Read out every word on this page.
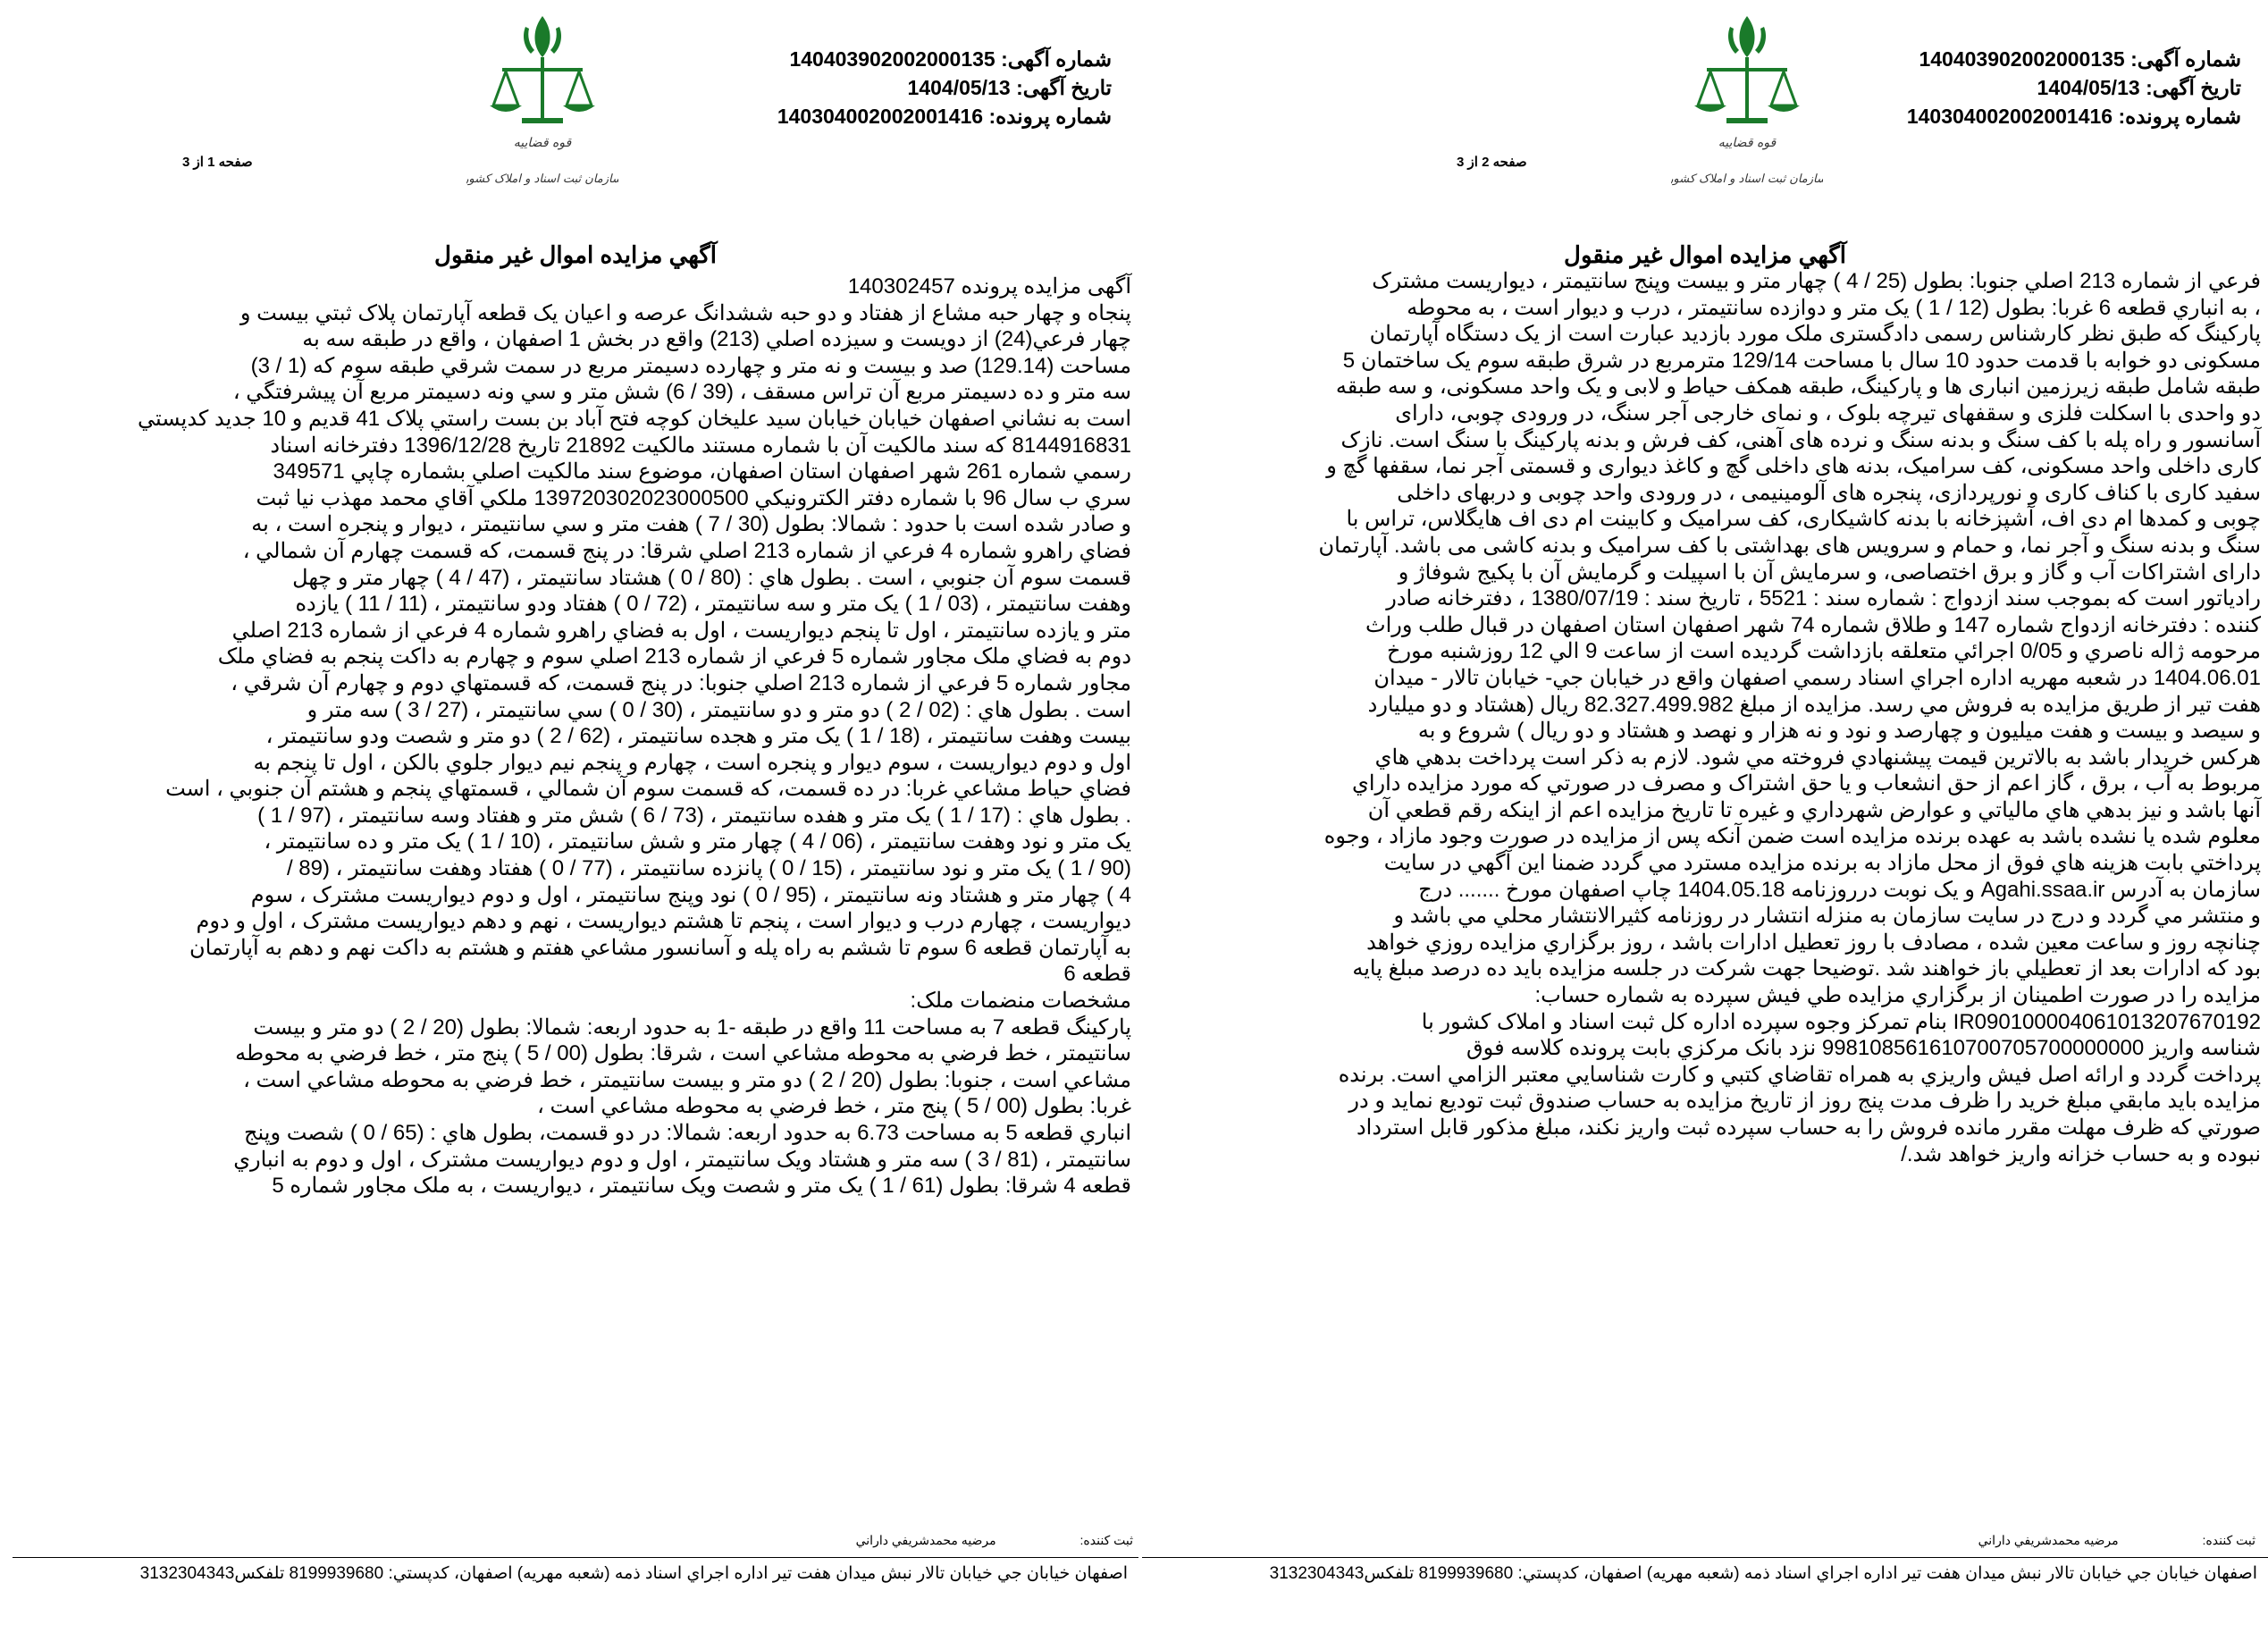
شماره آگهی: 140403902002000135
تاریخ آگهی: 1404/05/13
شماره پرونده: 140304002002001416
قوه قضاییه
سازمان ثبت اسناد و املاک کشور
صفحه 2 از 3
آگهي مزايده اموال غير منقول

فرعي از شماره 213 اصلي جنوبا: بطول (25 / 4 ) چهار متر و بيست وپنج سانتيمتر ، ديواريست مشترک

، به انباري قطعه 6 غربا: بطول (12 / 1 ) يک متر و دوازده سانتيمتر ، درب و ديوار است ، به محوطه

پارکينگ که طبق نظر کارشناس رسمی دادگستری ملک مورد بازدید عبارت است از یک دستگاه آپارتمان

مسکونی دو خوابه با قدمت حدود 10 سال با مساحت 129/14 مترمربع در شرق طبقه سوم یک ساختمان 5

طبقه شامل طبقه زیرزمین انباری ها و پارکینگ، طبقه همکف حیاط و لابی و یک واحد مسکونی، و سه طبقه

دو واحدی با اسکلت فلزی و سقفهای تیرچه بلوک ، و نمای خارجی آجر سنگ، در ورودی چوبی، دارای

آسانسور و راه پله با کف سنگ و بدنه سنگ و نرده های آهنی، کف فرش و بدنه پارکینگ با سنگ است. نازک

کاری داخلی واحد مسکونی، کف سرامیک، بدنه های داخلی گچ و کاغذ دیواری و قسمتی آجر نما، سقفها گچ و

سفید کاری با کناف کاری و نورپردازی، پنجره های آلومینیمی ، در ورودی واحد چوبی و دربهای داخلی

چوبی و کمدها ام دی اف، آشپزخانه با بدنه کاشیکاری، کف سرامیک و کابینت ام دی اف هایگلاس، تراس با

سنگ و بدنه سنگ و آجر نما، و حمام و سرویس های بهداشتی با کف سرامیک و بدنه کاشی می باشد. آپارتمان

دارای اشتراکات آب و گاز و برق اختصاصی، و سرمایش آن با اسپیلت و گرمایش آن با پکیج شوفاژ و

رادیاتور است که بموجب سند ازدواج : شماره سند : 5521 ، تاریخ سند : 1380/07/19 ، دفترخانه صادر

کننده : دفترخانه ازدواج شماره 147 و طلاق شماره 74 شهر اصفهان استان اصفهان در قبال طلب وراث

مرحومه ژاله ناصري و 0/05 اجرائي متعلقه بازداشت گرديده است از ساعت 9 الي 12 روزشنبه مورخ

1404.06.01 در شعبه مهريه اداره اجراي اسناد رسمي اصفهان واقع در خيابان جي- خيابان تالار - ميدان

هفت تير از طريق مزايده به فروش مي رسد. مزايده از مبلغ 82.327.499.982 ريال (هشتاد و دو ميليارد

و سيصد و بيست و هفت ميليون و چهارصد و نود و نه هزار و نهصد و هشتاد و دو ريال ) شروع و به

هرکس خريدار باشد به بالاترين قيمت پيشنهادي فروخته مي شود. لازم به ذکر است پرداخت بدهي هاي

مربوط به آب ، برق ، گاز اعم از حق انشعاب و يا حق اشتراک و مصرف در صورتي که مورد مزايده داراي

آنها باشد و نيز بدهي هاي مالياتي و عوارض شهرداري و غيره تا تاريخ مزايده اعم از اينکه رقم قطعي آن

معلوم شده يا نشده باشد به عهده برنده مزايده است ضمن آنکه پس از مزايده در صورت وجود مازاد ، وجوه

پرداختي بابت هزينه هاي فوق از محل مازاد به برنده مزايده مسترد مي گردد ضمنا اين آگهي در سايت

سازمان به آدرس Agahi.ssaa.ir و يک نوبت درروزنامه 1404.05.18 چاپ اصفهان مورخ ....... درج

و منتشر مي گردد و درج در سايت سازمان به منزله انتشار در روزنامه کثيرالانتشار محلي مي باشد و

چنانچه روز و ساعت معين شده ، مصادف با روز تعطيل ادارات باشد ، روز برگزاري مزايده روزي خواهد

بود که ادارات بعد از تعطيلي باز خواهند شد .توضيحا جهت شرکت در جلسه مزايده بايد ده درصد مبلغ پايه

مزايده را در صورت اطمينان از برگزاري مزايده طي فيش سپرده به شماره حساب:

IR090100004061013207670192 بنام تمرکز وجوه سپرده اداره کل ثبت اسناد و املاک کشور با

شناسه واريز 998108561610700705700000000 نزد بانک مرکزي بابت پرونده کلاسه فوق

پرداخت گردد و ارائه اصل فيش واريزي به همراه تقاضاي کتبي و کارت شناسايي معتبر الزامي است. برنده

مزايده بايد مابقي مبلغ خريد را ظرف مدت پنج روز از تاريخ مزايده به حساب صندوق ثبت توديع نمايد و در

صورتي که ظرف مهلت مقرر مانده فروش را به حساب سپرده ثبت واريز نکند، مبلغ مذکور قابل استرداد

نبوده و به حساب خزانه واريز خواهد شد./

ثبت کننده: مرضيه محمدشريفي داراني
اصفهان خيابان جي خيابان تالار نبش ميدان هفت تير اداره اجراي اسناد ذمه (شعبه مهريه) اصفهان، کدپستي: 8199939680 تلفکس3132304343
شماره آگهی: 140403902002000135
تاریخ آگهی: 1404/05/13
شماره پرونده: 140304002002001416
قوه قضاییه
سازمان ثبت اسناد و املاک کشور
صفحه 1 از 3
آگهي مزايده اموال غير منقول

آگهی مزایده پرونده 140302457

پنجاه و چهار حبه مشاع از هفتاد و دو حبه ششدانگ عرصه و اعيان يک قطعه آپارتمان پلاک ثبتي بيست و

چهار فرعي(24) از دويست و سيزده اصلي (213) واقع در بخش 1 اصفهان ، واقع در طبقه سه به

مساحت (129.14) صد و بيست و نه متر و چهارده دسيمتر مربع در سمت شرقي طبقه سوم که (1 / 3)

سه متر و ده دسيمتر مربع آن تراس مسقف ، (39 / 6) شش متر و سي ونه دسيمتر مربع آن پيشرفتگي ،

است به نشاني اصفهان خيابان خيابان سيد عليخان کوچه فتح آباد بن بست راستي پلاک 41 قديم و 10 جديد کدپستي

8144916831 که سند مالکيت آن با شماره مستند مالکيت 21892 تاريخ 1396/12/28 دفترخانه اسناد

رسمي شماره 261 شهر اصفهان استان اصفهان، موضوع سند مالکيت اصلي بشماره چاپي 349571

سري ب سال 96 با شماره دفتر الکترونيکي 139720302023000500 ملکي آقاي محمد مهذب نيا ثبت

و صادر شده است با حدود : شمالا: بطول (30 / 7 ) هفت متر و سي سانتيمتر ، ديوار و پنجره است ، به

فضاي راهرو شماره 4 فرعي از شماره 213 اصلي شرقا: در پنج قسمت، که قسمت چهارم آن شمالي ،

قسمت سوم آن جنوبي ، است . بطول هاي : (80 / 0 ) هشتاد سانتيمتر ، (47 / 4 ) چهار متر و چهل

وهفت سانتيمتر ، (03 / 1 ) يک متر و سه سانتيمتر ، (72 / 0 ) هفتاد ودو سانتيمتر ، (11 / 11 ) يازده

متر و يازده سانتيمتر ، اول تا پنجم ديواريست ، اول به فضاي راهرو شماره 4 فرعي از شماره 213 اصلي

دوم به فضاي ملک مجاور شماره 5 فرعي از شماره 213 اصلي سوم و چهارم به داکت پنجم به فضاي ملک

مجاور شماره 5 فرعي از شماره 213 اصلي جنوبا: در پنج قسمت، که قسمتهاي دوم و چهارم آن شرقي ،

است . بطول هاي : (02 / 2 ) دو متر و دو سانتيمتر ، (30 / 0 ) سي سانتيمتر ، (27 / 3 ) سه متر و

بيست وهفت سانتيمتر ، (18 / 1 ) يک متر و هجده سانتيمتر ، (62 / 2 ) دو متر و شصت ودو سانتيمتر ،

اول و دوم ديواريست ، سوم ديوار و پنجره است ، چهارم و پنجم نيم ديوار جلوي بالکن ، اول تا پنجم به

فضاي حياط مشاعي غربا: در ده قسمت، که قسمت سوم آن شمالي ، قسمتهاي پنجم و هشتم آن جنوبي ، است

. بطول هاي : (17 / 1 ) يک متر و هفده سانتيمتر ، (73 / 6 ) شش متر و هفتاد وسه سانتيمتر ، (97 / 1 )

يک متر و نود وهفت سانتيمتر ، (06 / 4 ) چهار متر و شش سانتيمتر ، (10 / 1 ) يک متر و ده سانتيمتر ،

(90 / 1 ) يک متر و نود سانتيمتر ، (15 / 0 ) پانزده سانتيمتر ، (77 / 0 ) هفتاد وهفت سانتيمتر ، (89 /

4 ) چهار متر و هشتاد ونه سانتيمتر ، (95 / 0 ) نود وپنج سانتيمتر ، اول و دوم ديواريست مشترک ، سوم

ديواريست ، چهارم درب و ديوار است ، پنجم تا هشتم ديواريست ، نهم و دهم ديواريست مشترک ، اول و دوم

به آپارتمان قطعه 6 سوم تا ششم به راه پله و آسانسور مشاعي هفتم و هشتم به داکت نهم و دهم به آپارتمان

قطعه 6

مشخصات منضمات ملک:

پارکينگ قطعه 7 به مساحت 11 واقع در طبقه -1 به حدود اربعه: شمالا: بطول (20 / 2 ) دو متر و بيست

سانتيمتر ، خط فرضي به محوطه مشاعي است ، شرقا: بطول (00 / 5 ) پنج متر ، خط فرضي به محوطه

مشاعي است ، جنوبا: بطول (20 / 2 ) دو متر و بيست سانتيمتر ، خط فرضي به محوطه مشاعي است ،

غربا: بطول (00 / 5 ) پنج متر ، خط فرضي به محوطه مشاعي است ،

انباري قطعه 5 به مساحت 6.73 به حدود اربعه: شمالا: در دو قسمت، بطول هاي : (65 / 0 ) شصت وپنج

سانتيمتر ، (81 / 3 ) سه متر و هشتاد ويک سانتيمتر ، اول و دوم ديواريست مشترک ، اول و دوم به انباري

قطعه 4 شرقا: بطول (61 / 1 ) يک متر و شصت ويک سانتيمتر ، ديواريست ، به ملک مجاور شماره 5

ثبت کننده: مرضيه محمدشريفي داراني
اصفهان خيابان جي خيابان تالار نبش ميدان هفت تير اداره اجراي اسناد ذمه (شعبه مهريه) اصفهان، کدپستي: 8199939680 تلفکس3132304343
